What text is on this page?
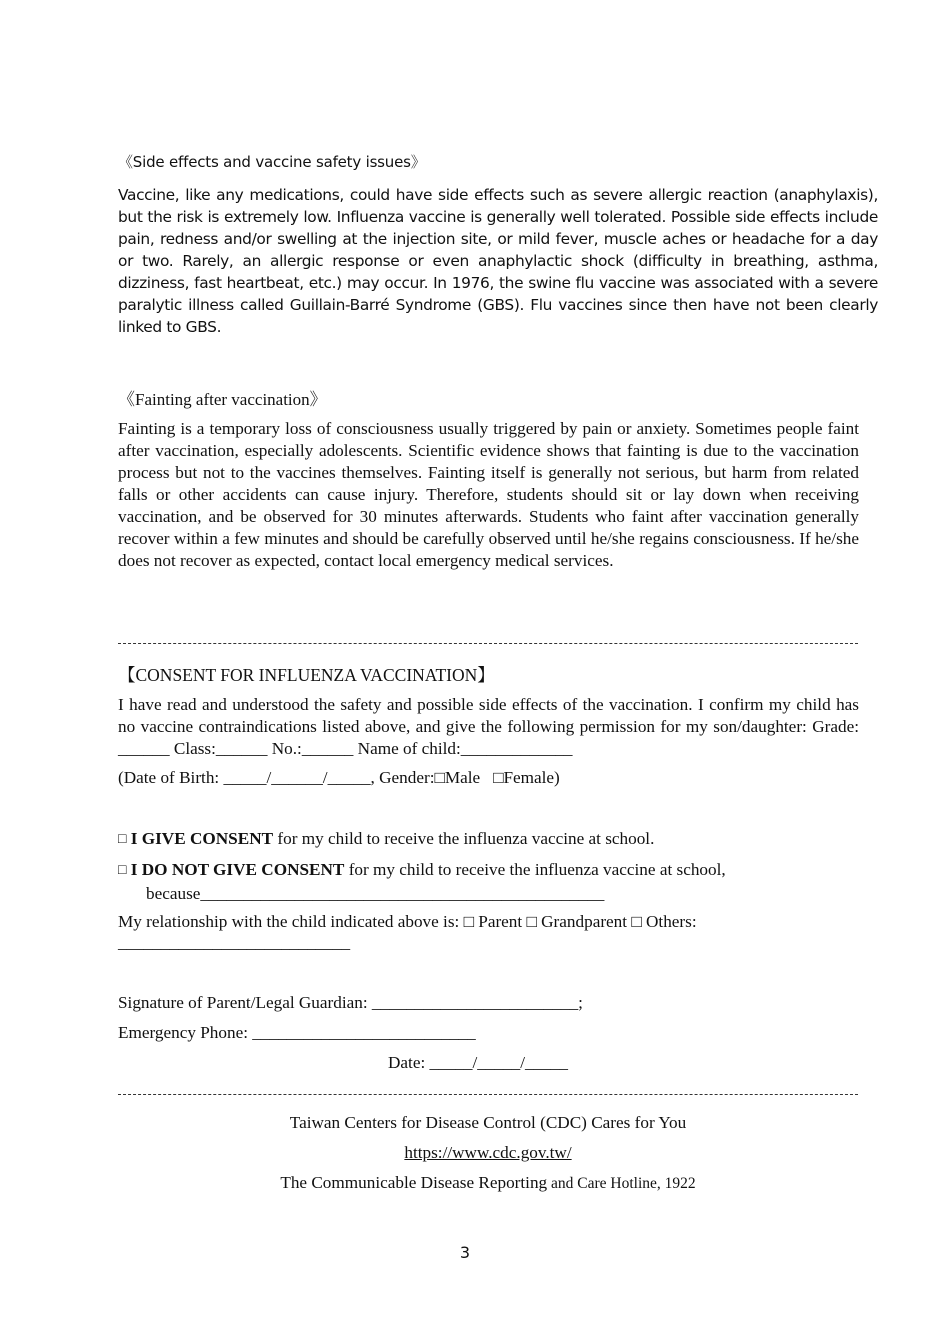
《Side effects and vaccine safety issues》

Vaccine, like any medications, could have side effects such as severe allergic reaction (anaphylaxis), but the risk is extremely low. Influenza vaccine is generally well tolerated. Possible side effects include pain, redness and/or swelling at the injection site, or mild fever, muscle aches or headache for a day or two. Rarely, an allergic response or even anaphylactic shock (difficulty in breathing, asthma, dizziness, fast heartbeat, etc.) may occur. In 1976, the swine flu vaccine was associated with a severe paralytic illness called Guillain-Barré Syndrome (GBS). Flu vaccines since then have not been clearly linked to GBS.

《Fainting after vaccination》

Fainting is a temporary loss of consciousness usually triggered by pain or anxiety. Sometimes people faint after vaccination, especially adolescents. Scientific evidence shows that fainting is due to the vaccination process but not to the vaccines themselves. Fainting itself is generally not serious, but harm from related falls or other accidents can cause injury. Therefore, students should sit or lay down when receiving vaccination, and be observed for 30 minutes afterwards. Students who faint after vaccination generally recover within a few minutes and should be carefully observed until he/she regains consciousness. If he/she does not recover as expected, contact local emergency medical services.

【CONSENT FOR INFLUENZA VACCINATION】

I have read and understood the safety and possible side effects of the vaccination. I confirm my child has no vaccine contraindications listed above, and give the following permission for my son/daughter: Grade: ______ Class:______ No.:______ Name of child:_____________

(Date of Birth: _____/______/_____, Gender:□Male   □Female)
□ I GIVE CONSENT for my child to receive the influenza vaccine at school.
□ I DO NOT GIVE CONSENT for my child to receive the influenza vaccine at school,
because_______________________________________________
My relationship with the child indicated above is: □ Parent □ Grandparent □ Others:
___________________________
Signature of Parent/Legal Guardian: ________________________;
Emergency Phone: __________________________
Date: _____/_____/_____
Taiwan Centers for Disease Control (CDC) Cares for You
https://www.cdc.gov.tw/
The Communicable Disease Reporting and Care Hotline, 1922
3
